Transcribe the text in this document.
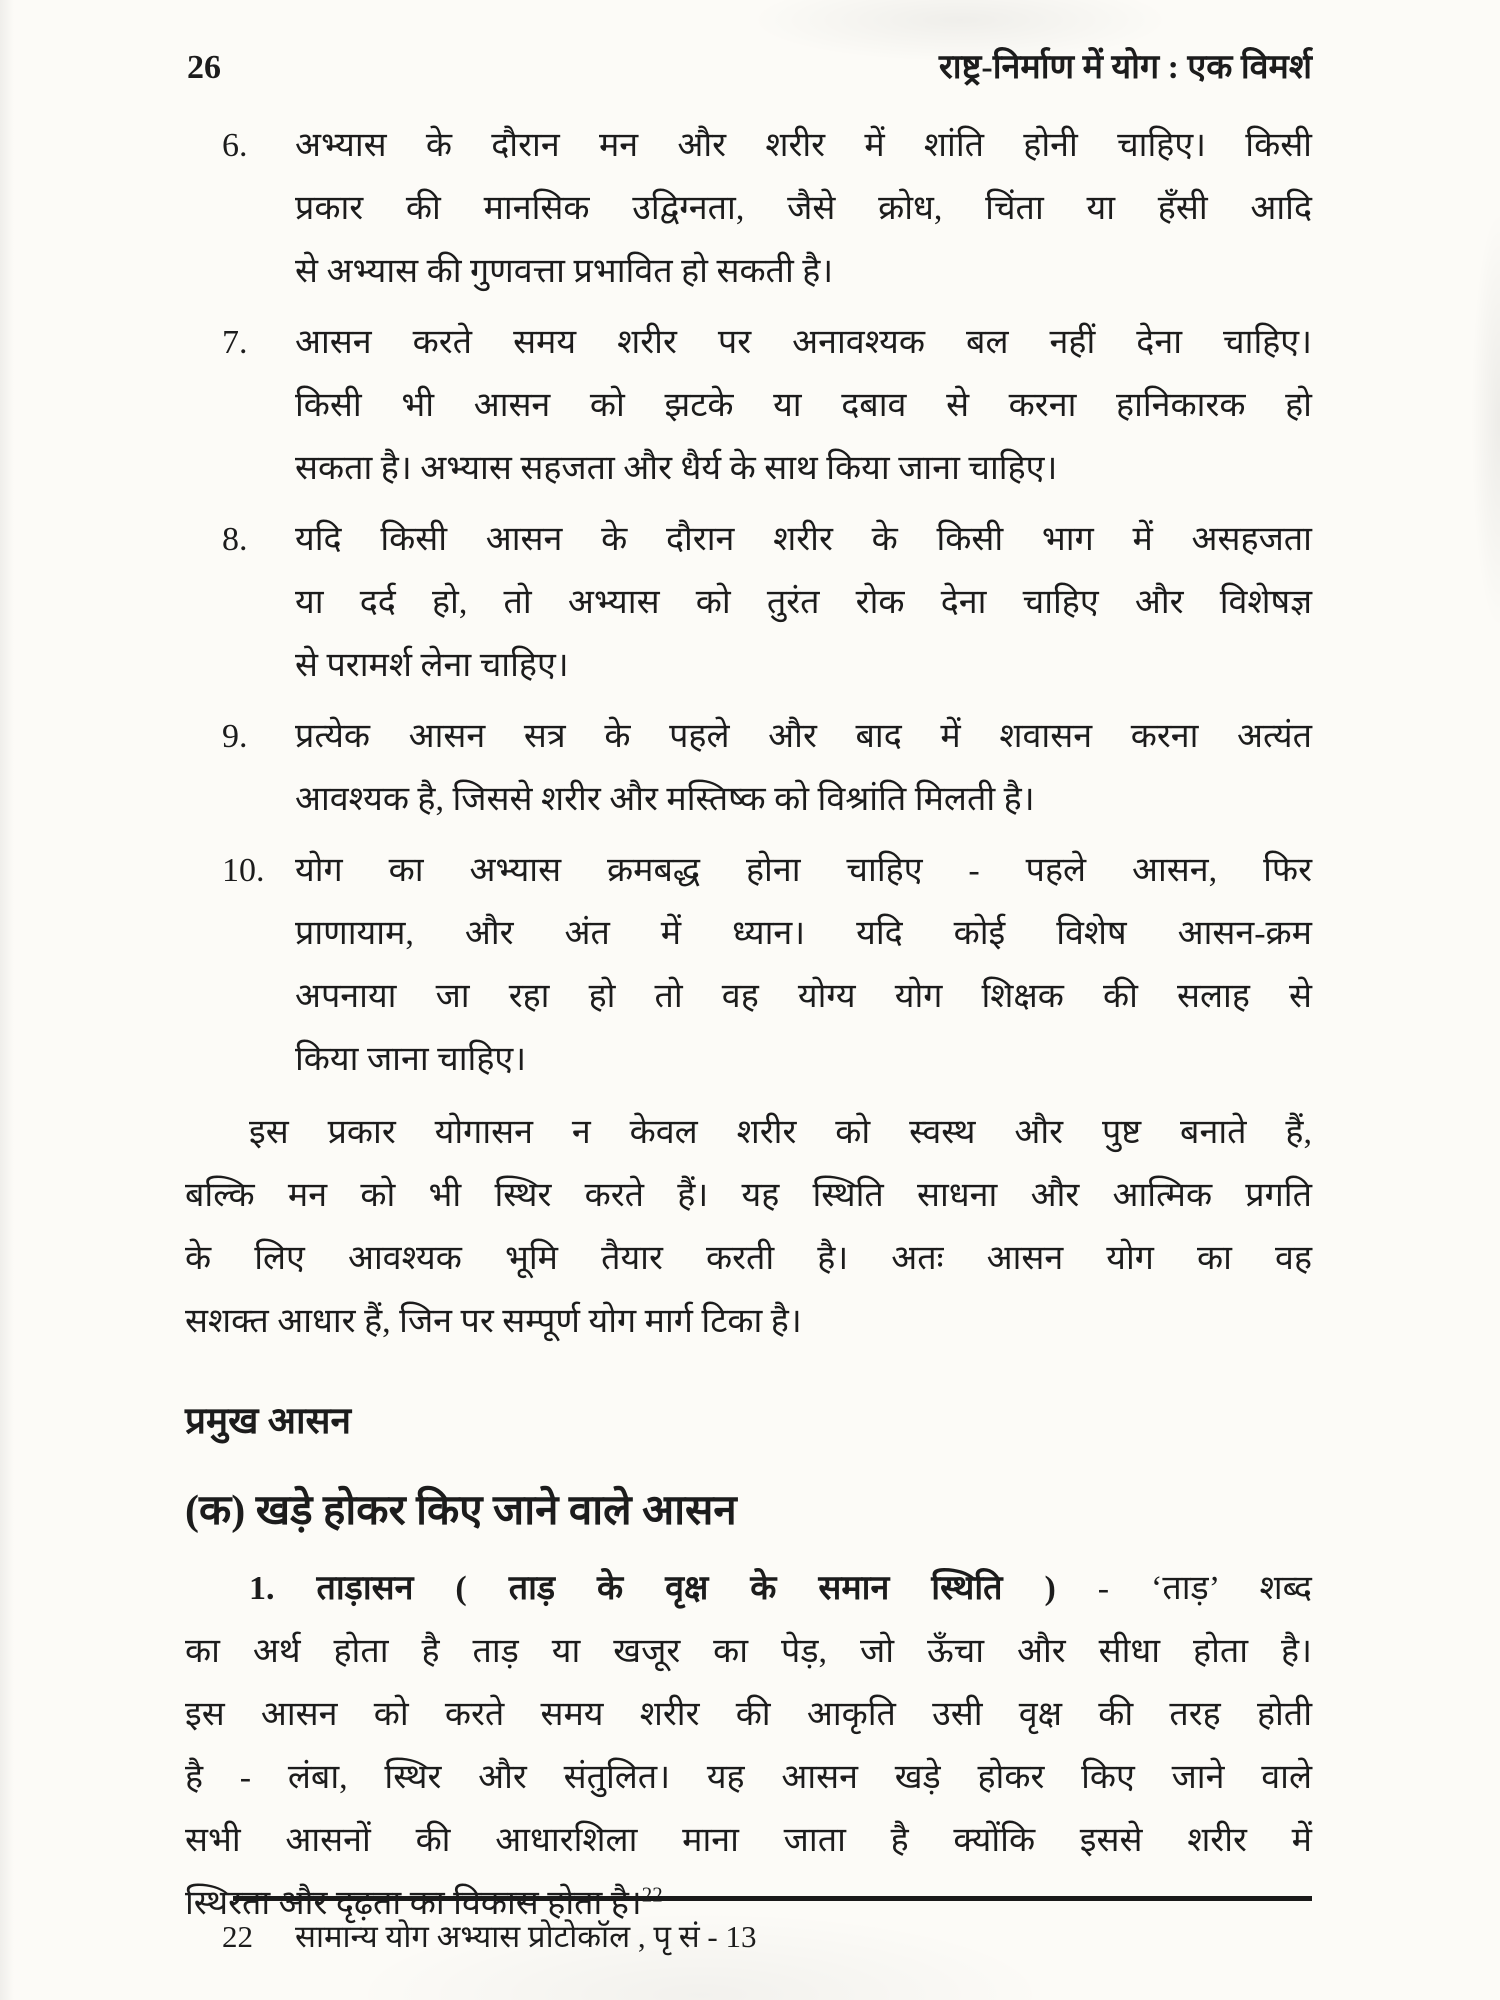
26	राष्ट्र-निर्माण में योग : एक विमर्श
6.	अभ्यास के दौरान मन और शरीर में शांति होनी चाहिए। किसी
प्रकार की मानसिक उद्विग्नता, जैसे क्रोध, चिंता या हँसी आदि
से अभ्यास की गुणवत्ता प्रभावित हो सकती है।
7.	आसन करते समय शरीर पर अनावश्यक बल नहीं देना चाहिए।
किसी भी आसन को झटके या दबाव से करना हानिकारक हो
सकता है। अभ्यास सहजता और धैर्य के साथ किया जाना चाहिए।
8.	यदि किसी आसन के दौरान शरीर के किसी भाग में असहजता
या दर्द हो, तो अभ्यास को तुरंत रोक देना चाहिए और विशेषज्ञ
से परामर्श लेना चाहिए।
9.	प्रत्येक आसन सत्र के पहले और बाद में शवासन करना अत्यंत
आवश्यक है, जिससे शरीर और मस्तिष्क को विश्रांति मिलती है।
10. योग का अभ्यास क्रमबद्ध होना चाहिए - पहले आसन, फिर
प्राणायाम, और अंत में ध्यान। यदि कोई विशेष आसन-क्रम
अपनाया जा रहा हो तो वह योग्य योग शिक्षक की सलाह से
किया जाना चाहिए।
इस प्रकार योगासन न केवल शरीर को स्वस्थ और पुष्ट बनाते हैं,
बल्कि मन को भी स्थिर करते हैं। यह स्थिति साधना और आत्मिक प्रगति
के लिए आवश्यक भूमि तैयार करती है। अतः आसन योग का वह
सशक्त आधार हैं, जिन पर सम्पूर्ण योग मार्ग टिका है।
प्रमुख आसन
(क) खड़े होकर किए जाने वाले आसन
1. ताड़ासन ( ताड़ के वृक्ष के समान स्थिति ) - ‘ताड़’ शब्द
का अर्थ होता है ताड़ या खजूर का पेड़, जो ऊँचा और सीधा होता है।
इस आसन को करते समय शरीर की आकृति उसी वृक्ष की तरह होती
है - लंबा, स्थिर और संतुलित। यह आसन खड़े होकर किए जाने वाले
सभी आसनों की आधारशिला माना जाता है क्योंकि इससे शरीर में
स्थिरता और दृढ़ता का विकास होता है।$^{22}$
22	सामान्य योग अभ्यास प्रोटोकॉल , पृ सं - 13
